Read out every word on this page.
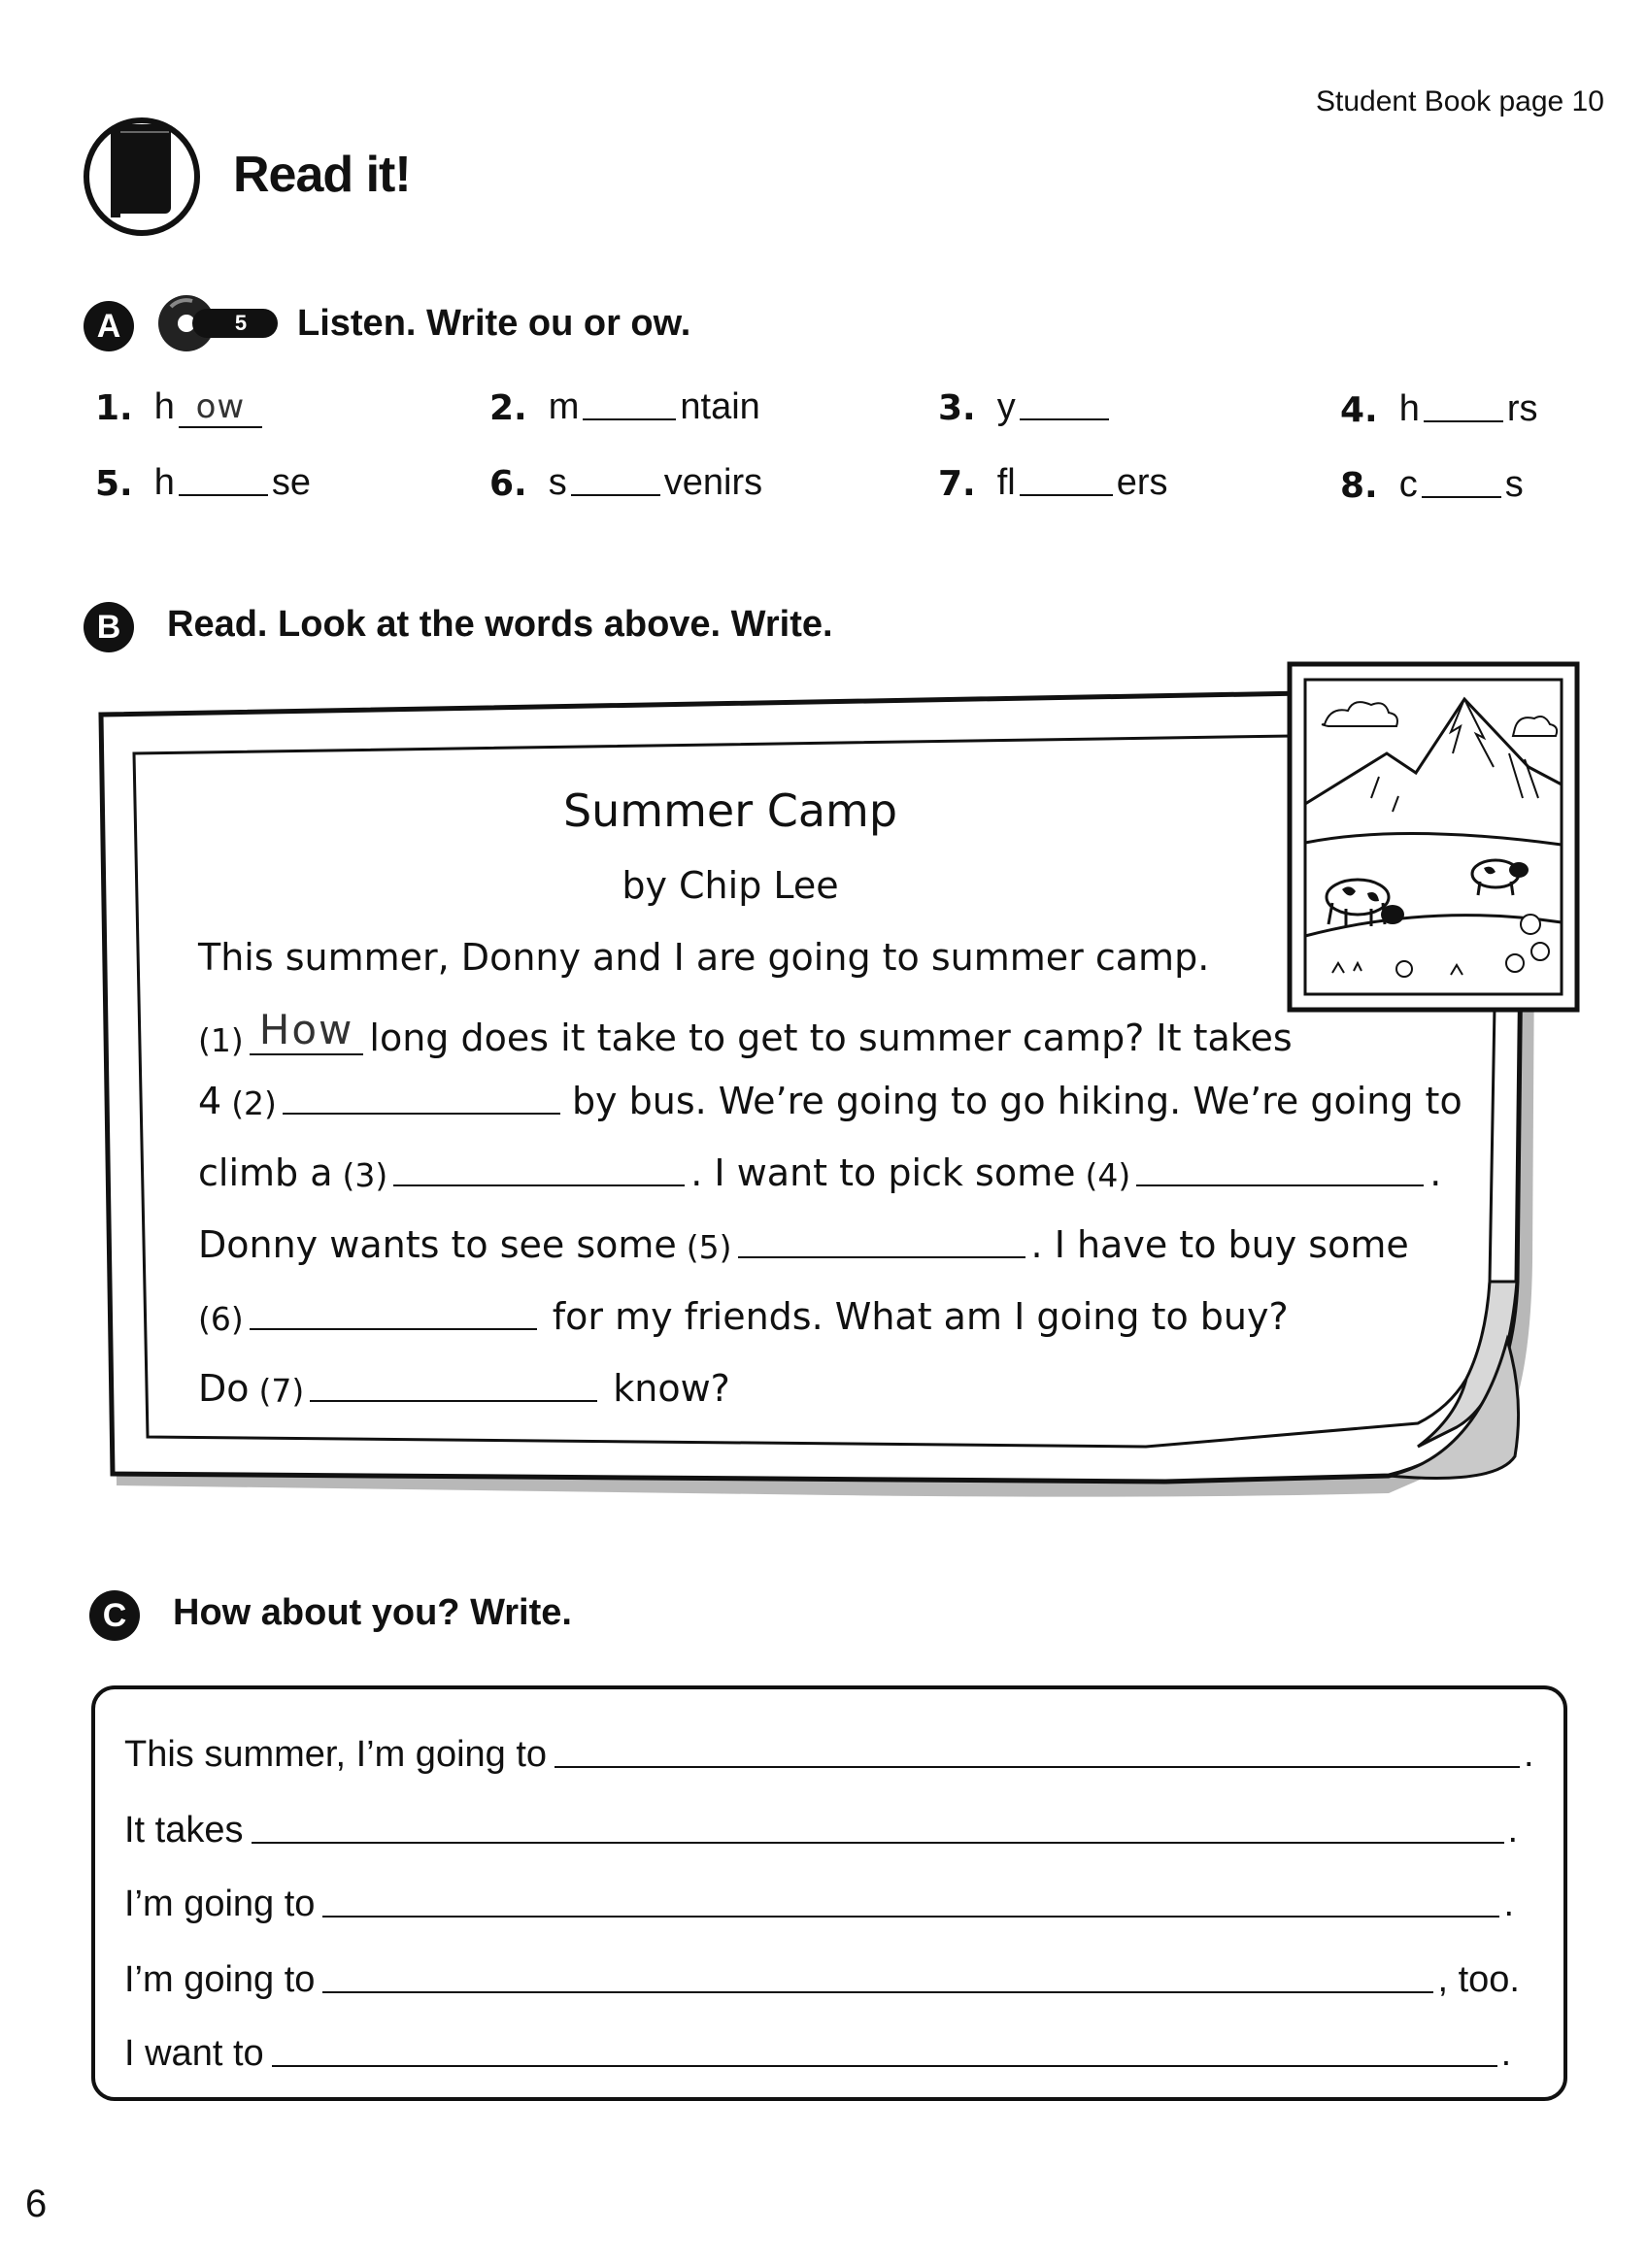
Read it!
Student Book page 10
A	5 Listen. Write ou or ow.
1. h ow	2. m	ntain	3. y	4. h rs
5. h	se	6. s	venirs	7. fl	ers	8. c s
B	Read. Look at the words above. Write.
Summer Camp
by Chip Lee
This summer, Donny and I are going to summer camp.
(1) How long does it take to get to summer camp? It takes
4 (2)	by bus. We’re going to go hiking. We’re going to
climb a (3)	. I want to pick some (4)	.
Donny wants to see some (5)	. I have to buy some
(6)	for my friends. What am I going to buy?
Do (7)	know?
C	How about you? Write.
This summer, I’m going to	.
It takes	.
I’m going to	.
I’m going to	, too.
I want to	.
6
